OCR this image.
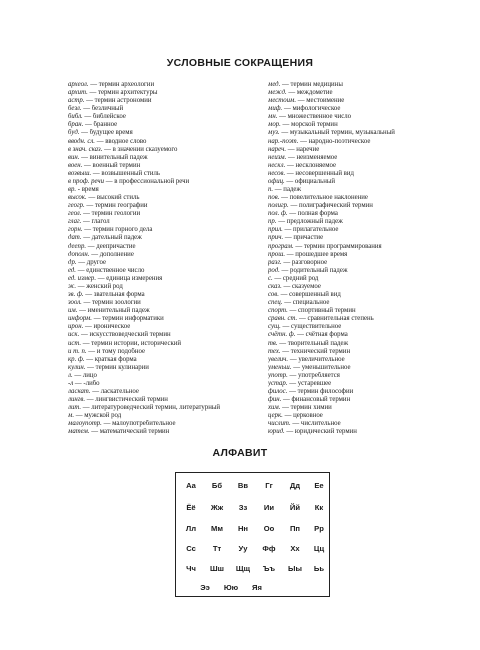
УСЛОВНЫЕ СОКРАЩЕНИЯ
археол. — термин археологии
архит. — термин архитектуры
астр. — термин астрономии
безл. — безличный
библ. — библейское
бран. — бранное
буд. — будущее время
вводн. сл. — вводное слово
в знач. сказ. — в значении сказуемого
вин. — винительный падеж
воен. — военный термин
возвыш. — возвышенный стиль
в проф. речи — в профессиональной речи
вр. - время
высок. — высокий стиль
геогр. — термин географии
геол. — термин геологии
глаг. — глагол
горн. — термин горного дела
дат. — дательный падеж
деепр. — деепричастие
дополн. — дополнение
др. — другое
ед. — единственное число
ед. измер. — единица измерения
ж. — женский род
зв. ф. — звательная форма
зоол. — термин зоологии
им. — именительный падеж
информ. — термин информатики
ирон. — ироническое
иск. — искусствоведческий термин
ист. — термин истории, исторический
и т. п. — и тому подобное
кр. ф. — краткая форма
кулин. — термин кулинарии
л. — лицо
-л — -либо
ласкат. — ласкательное
лингв. — лингвистический термин
лит. — литературоведческий термин, литературный
м. — мужской род
малоупотр. — малоупотребительное
матем. — математический термин
мед. — термин медицины
межд. — междометие
местоим. — местоимение
миф. — мифологическое
мн. — множественное число
мор. — морской термин
муз. — музыкальный термин, музыкальный
нар.-поэт. — народно-поэтическое
нареч. — наречие
неизм. — неизменяемое
нескл. — несклоняемое
несов. — несовершенный вид
офиц. — официальный
п. — падеж
пов. — повелительное наклонение
полигр. — полиграфический термин
пол. ф. — полная форма
пр. — предложный падеж
прил. — прилагательное
прич. — причастие
програм. — термин программирования
прош. — прошедшее время
разг. — разговорное
род. — родительный падеж
с. — средний род
сказ. — сказуемое
сов. — совершенный вид
спец. — специальное
спорт. — спортивный термин
сравн. ст. — сравнительная степень
сущ. — существительное
счётн. ф. — счётная форма
тв. — творительный падеж
тех. — технический термин
увелич. — увеличительное
уменьш. — уменьшительное
употр. — употребляется
устар. — устаревшее
филос. — термин философии
фин. — финансовый термин
хим. — термин химии
церк. — церковное
числит. — числительное
юрид. — юридический термин
АЛФАВИТ
Аа	Бб	Вв	Гг	Дд	Ее
Ёё	Жж	Зз	Ии	Йй	Кк
Лл	Мм	Нн	Оо	Пп	Рр
Сс	Тт	Уу	Фф	Хх	Цц
Чч	Шш	Щщ	Ъъ	Ыы	Ьь
Ээ	Юю	Яя
